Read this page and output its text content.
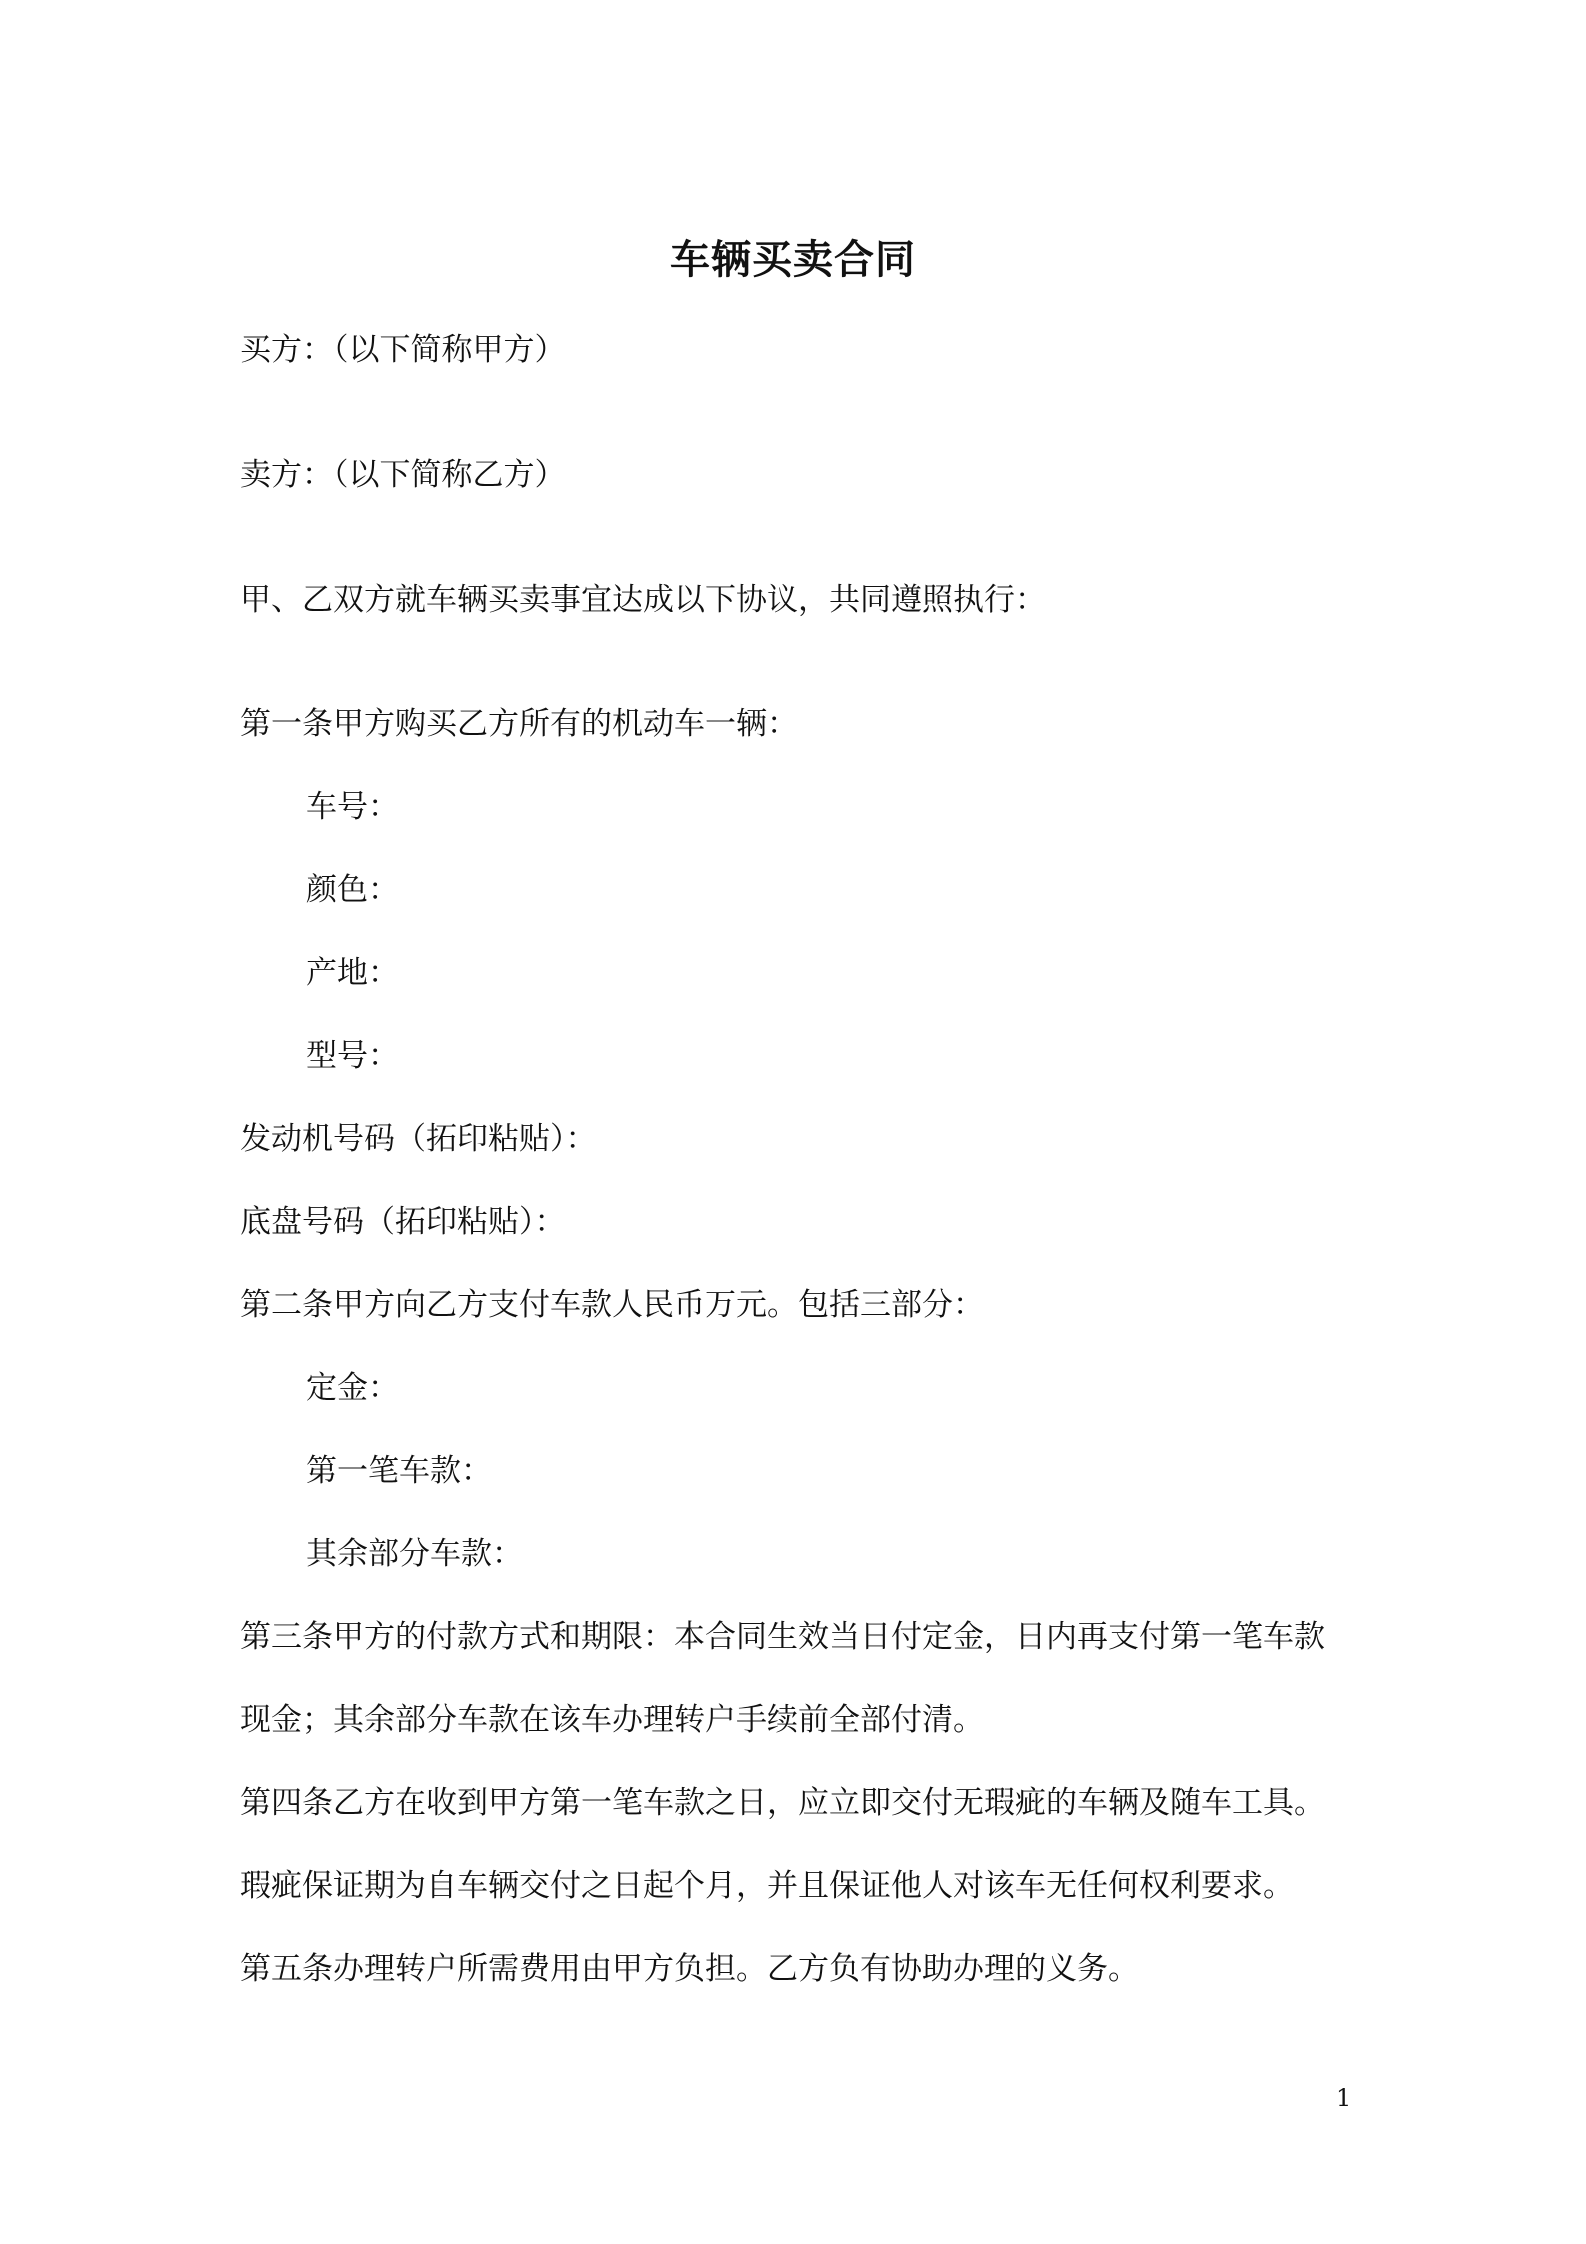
车辆买卖合同
买方：（以下简称甲方）
卖方：（以下简称乙方）
甲、乙双方就车辆买卖事宜达成以下协议，共同遵照执行：
第一条甲方购买乙方所有的机动车一辆：
车号：
颜色：
产地：
型号：
发动机号码（拓印粘贴）：
底盘号码（拓印粘贴）：
第二条甲方向乙方支付车款人民币万元。包括三部分：
定金：
第一笔车款：
其余部分车款：
第三条甲方的付款方式和期限：本合同生效当日付定金，日内再支付第一笔车款
现金；其余部分车款在该车办理转户手续前全部付清。
第四条乙方在收到甲方第一笔车款之日，应立即交付无瑕疵的车辆及随车工具。
瑕疵保证期为自车辆交付之日起个月，并且保证他人对该车无任何权利要求。
第五条办理转户所需费用由甲方负担。乙方负有协助办理的义务。
1
